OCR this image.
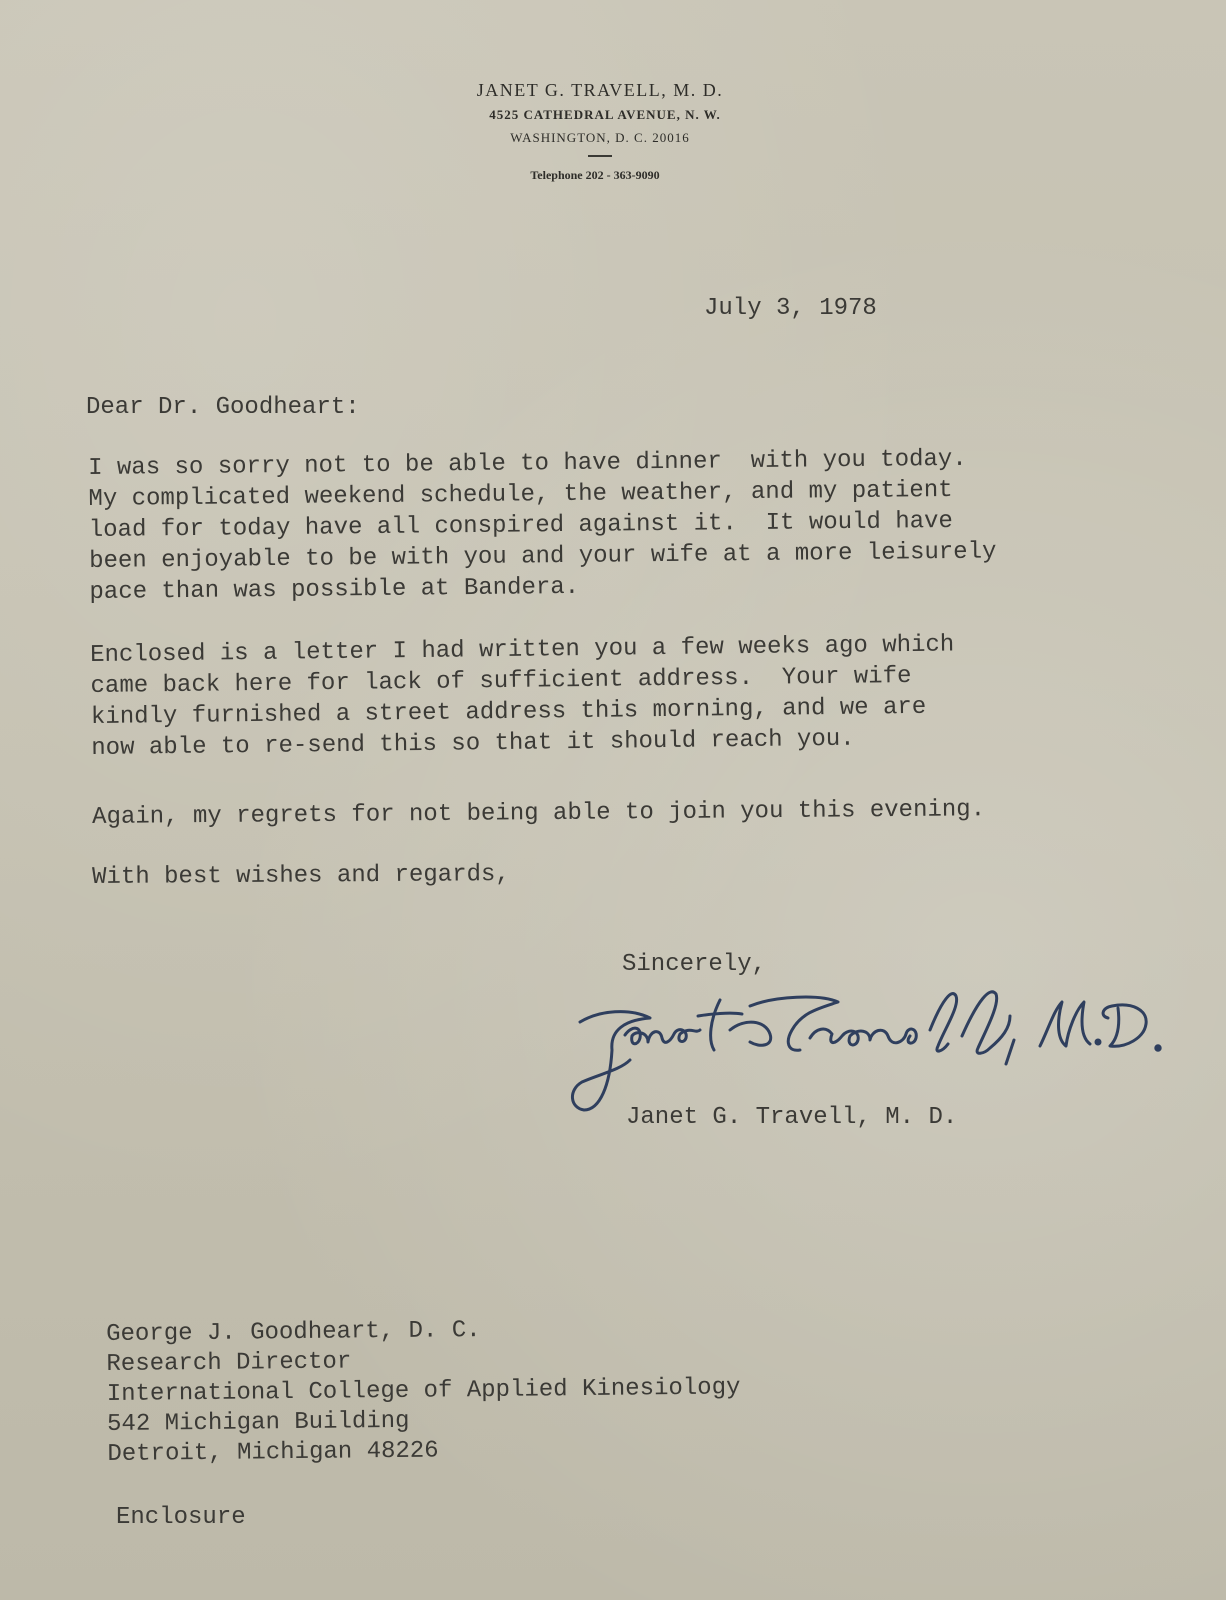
JANET G. TRAVELL, M. D.
4525 CATHEDRAL AVENUE, N. W.
WASHINGTON, D. C. 20016
Telephone 202 - 363-9090
July 3, 1978
Dear Dr. Goodheart:
I was so sorry not to be able to have dinner  with you today.
My complicated weekend schedule, the weather, and my patient
load for today have all conspired against it.  It would have
been enjoyable to be with you and your wife at a more leisurely
pace than was possible at Bandera.
Enclosed is a letter I had written you a few weeks ago which
came back here for lack of sufficient address.  Your wife
kindly furnished a street address this morning, and we are
now able to re-send this so that it should reach you.
Again, my regrets for not being able to join you this evening.
With best wishes and regards,
Sincerely,
Janet G. Travell, M. D.
George J. Goodheart, D. C.
Research Director
International College of Applied Kinesiology
542 Michigan Building
Detroit, Michigan 48226
Enclosure
